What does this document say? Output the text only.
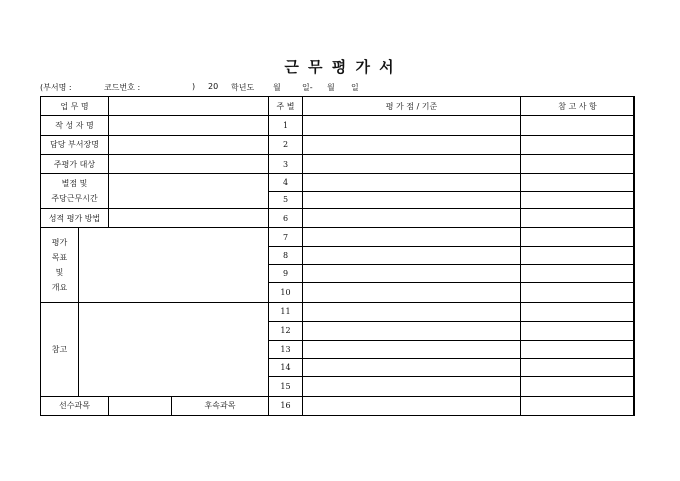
근 무 평 가 서
(부서명 :	코드번호 :	) 20 학년도 월	일- 월 일
업 무 명				주 별	평 가 점 / 기준	참 고 사 항
작 성 자 명				1		
담당 부서장명				2		
주평가 대상				3		
별점 및
주당근무시간				4		
				5		
성적 평가 방법				6		
평가
목표
및
개요				7		
				8		
				9		
				10		
참고				11		
				12		
				13		
				14		
				15		
선수과목			후속과목	16		
